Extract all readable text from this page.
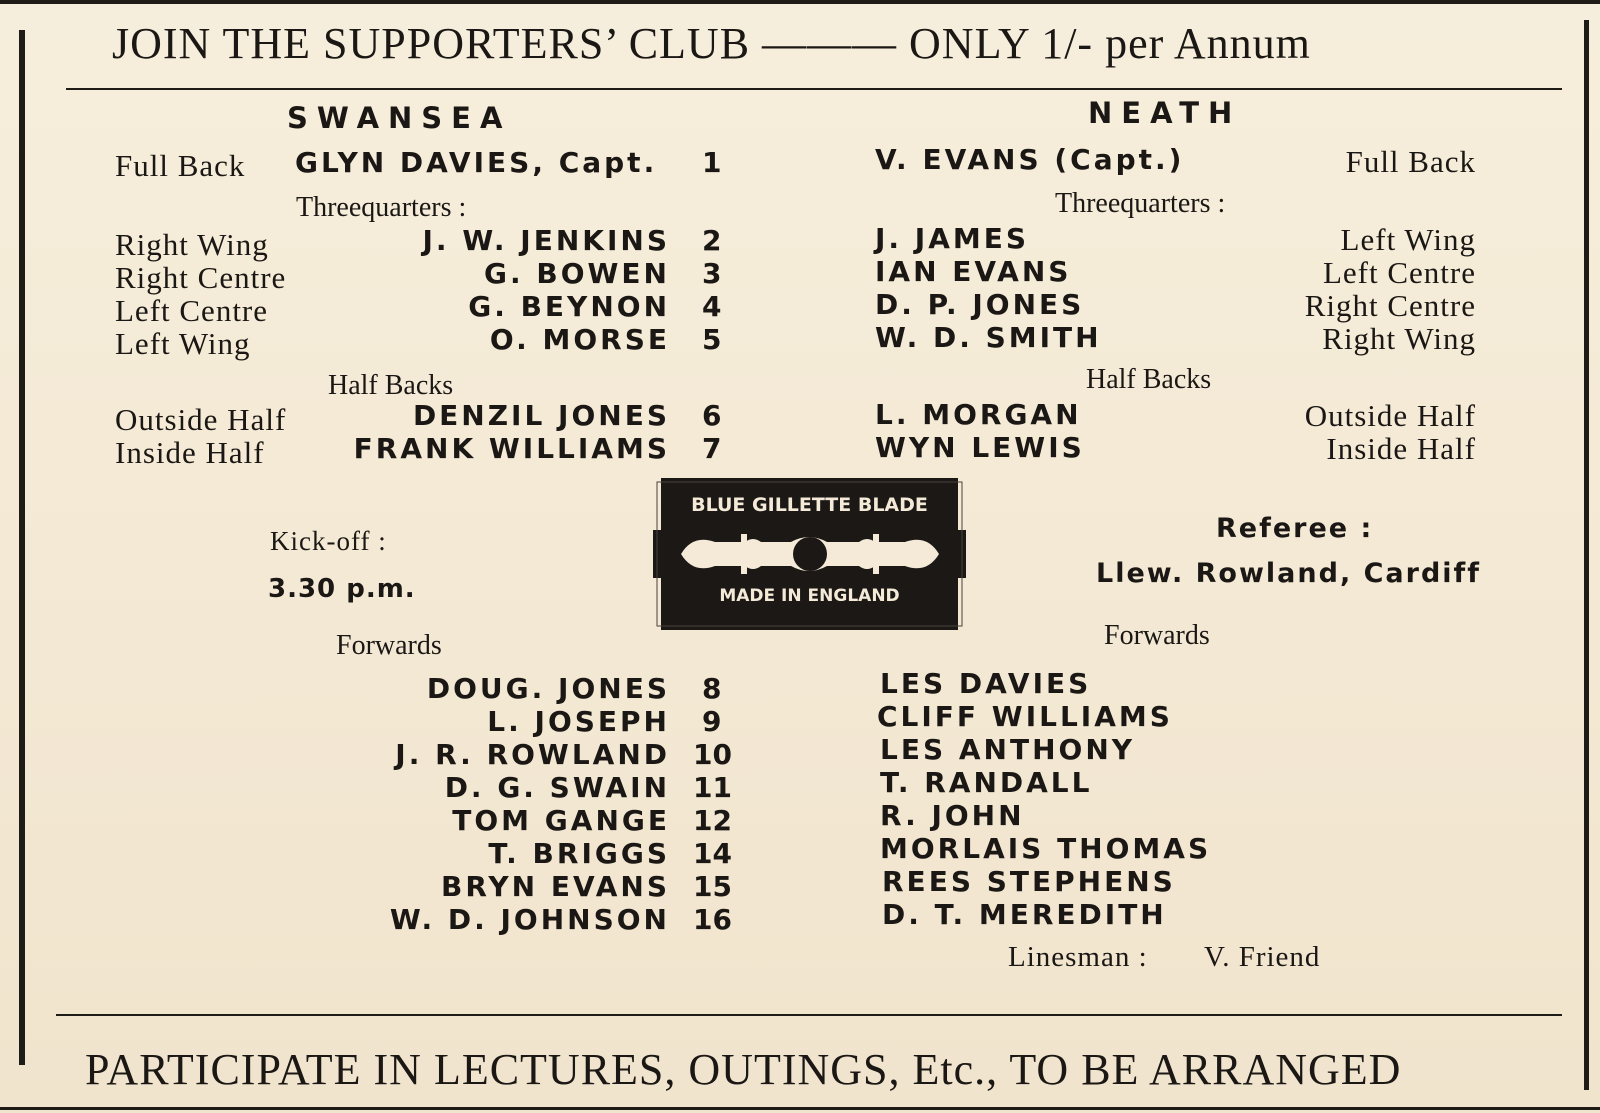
JOIN THE SUPPORTERS’ CLUB ——— ONLY 1/- per Annum
PARTICIPATE IN LECTURES, OUTINGS, Etc., TO BE ARRANGED
SWANSEA	NEATH
Full Back GLYN DAVIES, Capt. 1
Threequarters :
Right Wing	J. W. JENKINS 2
Right Centre	G. BOWEN 3
Left Centre	G. BEYNON 4
Left Wing	O. MORSE 5
Half Backs
Outside Half	DENZIL JONES 6
Inside Half	FRANK WILLIAMS 7
Forwards
DOUG. JONES 8
L. JOSEPH 9
J. R. ROWLAND 10
D. G. SWAIN 11
TOM GANGE 12
T. BRIGGS 14
BRYN EVANS 15
W. D. JOHNSON 16
V. EVANS (Capt.)	Full Back
Threequarters :
J. JAMES	Left Wing
IAN EVANS	Left Centre
D. P. JONES	Right Centre
W. D. SMITH	Right Wing
Half Backs
L. MORGAN	Outside Half
WYN LEWIS	Inside Half
Forwards
LES DAVIES
CLIFF WILLIAMS
LES ANTHONY
T. RANDALL
R. JOHN
MORLAIS THOMAS
REES STEPHENS
D. T. MEREDITH
Kick-off :
3.30 p.m.
Referee :
Llew. Rowland, Cardiff
Linesman : V. Friend
BLUE GILLETTE BLADE
MADE IN ENGLAND
